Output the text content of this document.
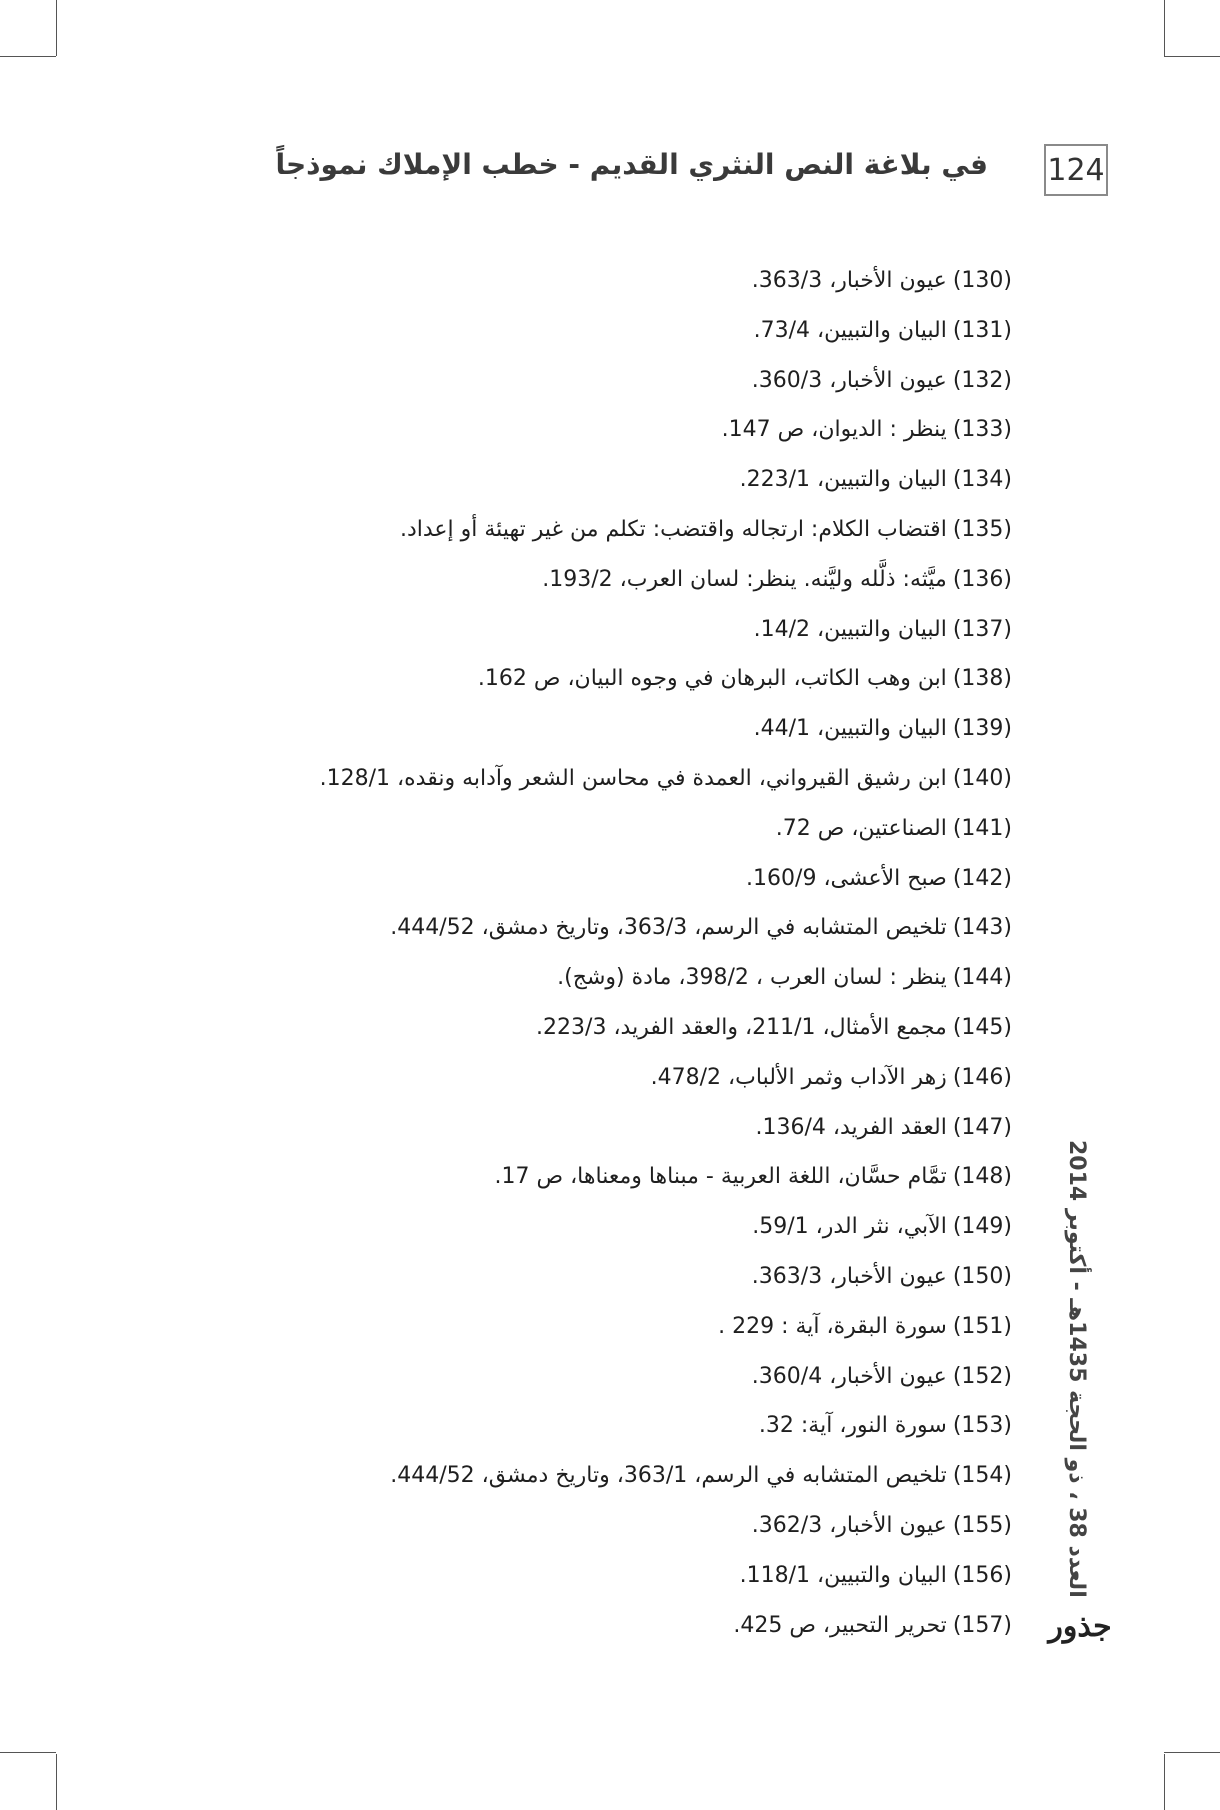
124
في بلاغة النص النثري القديم - خطب الإملاك نموذجاً
(130)عيون الأخبار، 363/3.
(131)البيان والتبيين، 73/4.
(132)عيون الأخبار، 360/3.
(133)ينظر : الديوان، ص 147.
(134)البيان والتبيين، 223/1.
(135)اقتضاب الكلام: ارتجاله واقتضب: تكلم من غير تهيئة أو إعداد.
(136)ميَّثه: ذلَّله وليَّنه. ينظر: لسان العرب، 193/2.
(137)البيان والتبيين، 14/2.
(138)ابن وهب الكاتب، البرهان في وجوه البيان، ص 162.
(139)البيان والتبيين، 44/1.
(140)ابن رشيق القيرواني، العمدة في محاسن الشعر وآدابه ونقده، 128/1.
(141)الصناعتين، ص 72.
(142)صبح الأعشى، 160/9.
(143)تلخيص المتشابه في الرسم، 363/3، وتاريخ دمشق، 444/52.
(144)ينظر : لسان العرب ، 398/2، مادة (وشج).
(145)مجمع الأمثال، 211/1، والعقد الفريد، 223/3.
(146)زهر الآداب وثمر الألباب، 478/2.
(147)العقد الفريد، 136/4.
(148)تمَّام حسَّان، اللغة العربية - مبناها ومعناها، ص 17.
(149)الآبي، نثر الدر، 59/1.
(150)عيون الأخبار، 363/3.
(151)سورة البقرة، آية : 229 .
(152)عيون الأخبار، 360/4.
(153)سورة النور، آية: 32.
(154)تلخيص المتشابه في الرسم، 363/1، وتاريخ دمشق، 444/52.
(155)عيون الأخبار، 362/3.
(156)البيان والتبيين، 118/1.
(157)تحرير التحبير، ص 425.
العدد 38 ، ذو الحجة 1435هـ - أكتوبر 2014
جذور
